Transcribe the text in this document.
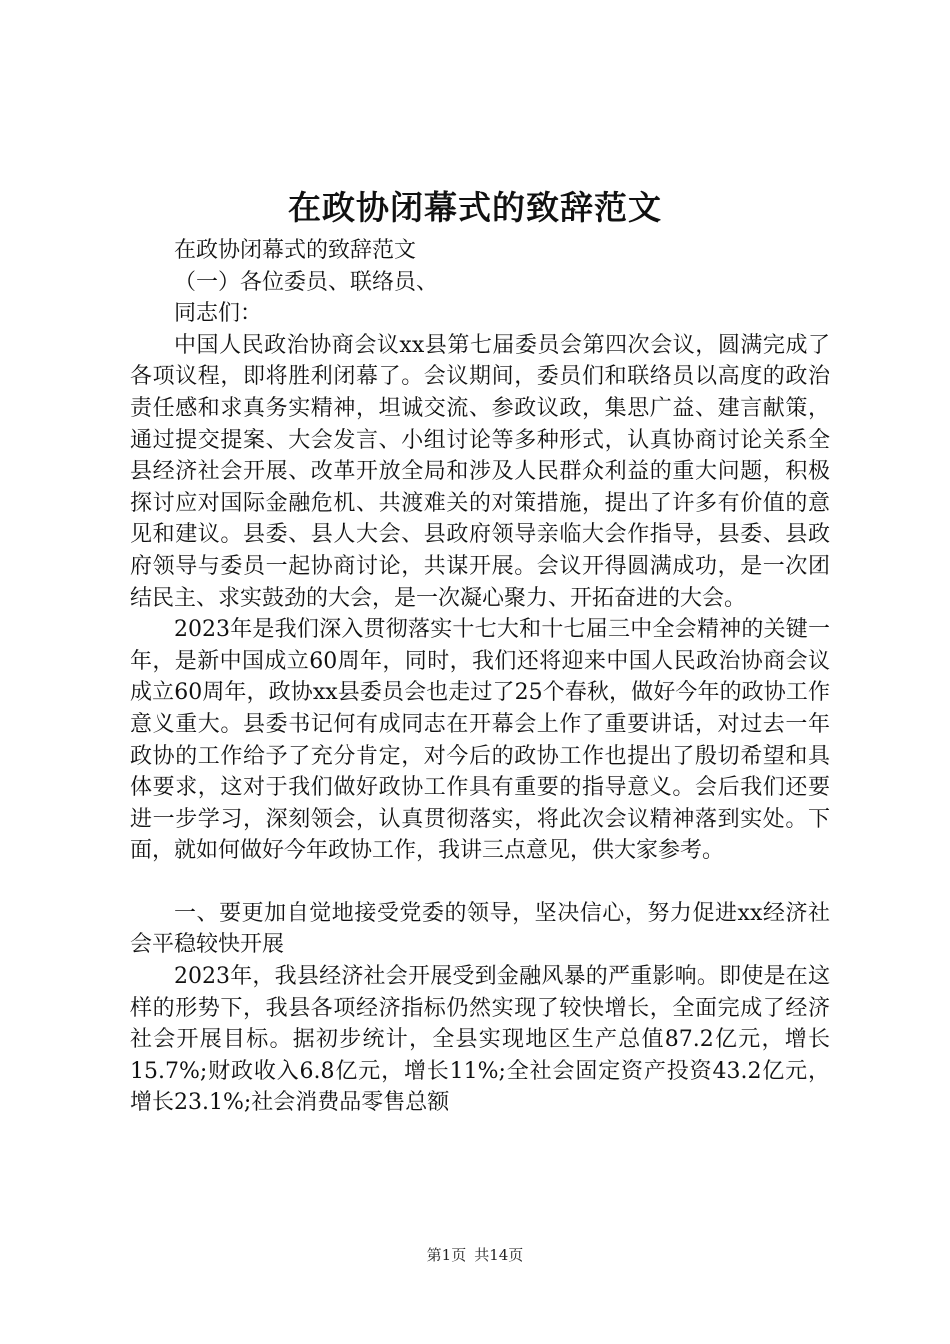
在政协闭幕式的致辞范文

在政协闭幕式的致辞范文

（一）各位委员、联络员、

同志们：

中国人民政治协商会议xx县第七届委员会第四次会议，圆满完成了各项议程，即将胜利闭幕了。会议期间，委员们和联络员以高度的政治责任感和求真务实精神，坦诚交流、参政议政，集思广益、建言献策，通过提交提案、大会发言、小组讨论等多种形式，认真协商讨论关系全县经济社会开展、改革开放全局和涉及人民群众利益的重大问题，积极探讨应对国际金融危机、共渡难关的对策措施，提出了许多有价值的意见和建议。县委、县人大会、县政府领导亲临大会作指导，县委、县政府领导与委员一起协商讨论，共谋开展。会议开得圆满成功，是一次团结民主、求实鼓劲的大会，是一次凝心聚力、开拓奋进的大会。

2023年是我们深入贯彻落实十七大和十七届三中全会精神的关键一年，是新中国成立60周年，同时，我们还将迎来中国人民政治协商会议成立60周年，政协xx县委员会也走过了25个春秋，做好今年的政协工作意义重大。县委书记何有成同志在开幕会上作了重要讲话，对过去一年政协的工作给予了充分肯定，对今后的政协工作也提出了殷切希望和具体要求，这对于我们做好政协工作具有重要的指导意义。会后我们还要进一步学习，深刻领会，认真贯彻落实，将此次会议精神落到实处。下面，就如何做好今年政协工作，我讲三点意见，供大家参考。

一、要更加自觉地接受党委的领导，坚决信心，努力促进xx经济社会平稳较快开展

2023年，我县经济社会开展受到金融风暴的严重影响。即使是在这样的形势下，我县各项经济指标仍然实现了较快增长，全面完成了经济社会开展目标。据初步统计，全县实现地区生产总值87.2亿元，增长15.7%;财政收入6.8亿元，增长11%;全社会固定资产投资43.2亿元，增长23.1%;社会消费品零售总额

第1页 共14页
